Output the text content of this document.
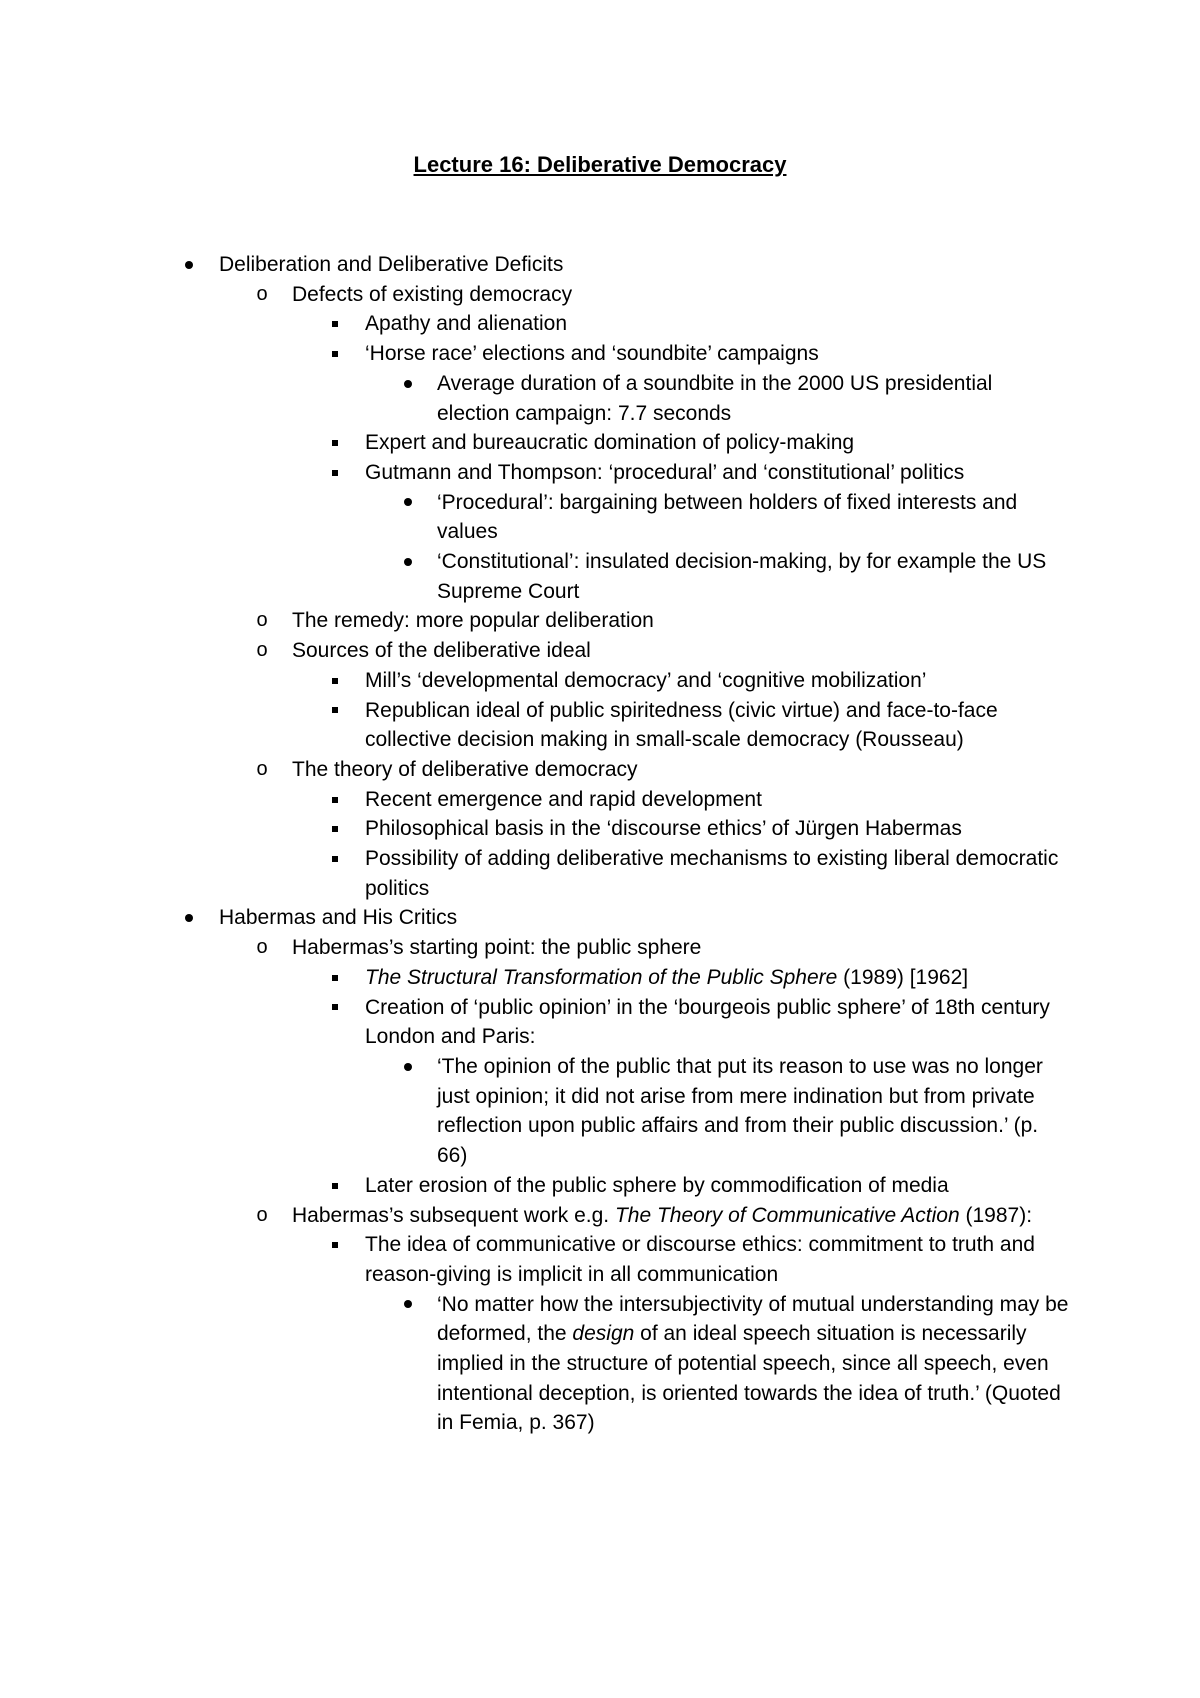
Lecture 16: Deliberative Democracy
Deliberation and Deliberative Deficits
o Defects of existing democracy
Apathy and alienation
‘Horse race’ elections and ‘soundbite’ campaigns
Average duration of a soundbite in the 2000 US presidential election campaign: 7.7 seconds
Expert and bureaucratic domination of policy-making
Gutmann and Thompson: ‘procedural’ and ‘constitutional’ politics
‘Procedural’: bargaining between holders of fixed interests and values
‘Constitutional’: insulated decision-making, by for example the US Supreme Court
o The remedy: more popular deliberation
o Sources of the deliberative ideal
Mill’s ‘developmental democracy’ and ‘cognitive mobilization’
Republican ideal of public spiritedness (civic virtue) and face-to-face collective decision making in small-scale democracy (Rousseau)
o The theory of deliberative democracy
Recent emergence and rapid development
Philosophical basis in the ‘discourse ethics’ of Jürgen Habermas
Possibility of adding deliberative mechanisms to existing liberal democratic politics
Habermas and His Critics
o Habermas’s starting point: the public sphere
The Structural Transformation of the Public Sphere (1989) [1962]
Creation of ‘public opinion’ in the ‘bourgeois public sphere’ of 18th century London and Paris:
‘The opinion of the public that put its reason to use was no longer just opinion; it did not arise from mere indination but from private reflection upon public affairs and from their public discussion.’ (p. 66)
Later erosion of the public sphere by commodification of media
o Habermas’s subsequent work e.g. The Theory of Communicative Action (1987):
The idea of communicative or discourse ethics: commitment to truth and reason-giving is implicit in all communication
‘No matter how the intersubjectivity of mutual understanding may be deformed, the design of an ideal speech situation is necessarily implied in the structure of potential speech, since all speech, even intentional deception, is oriented towards the idea of truth.’ (Quoted in Femia, p. 367)
